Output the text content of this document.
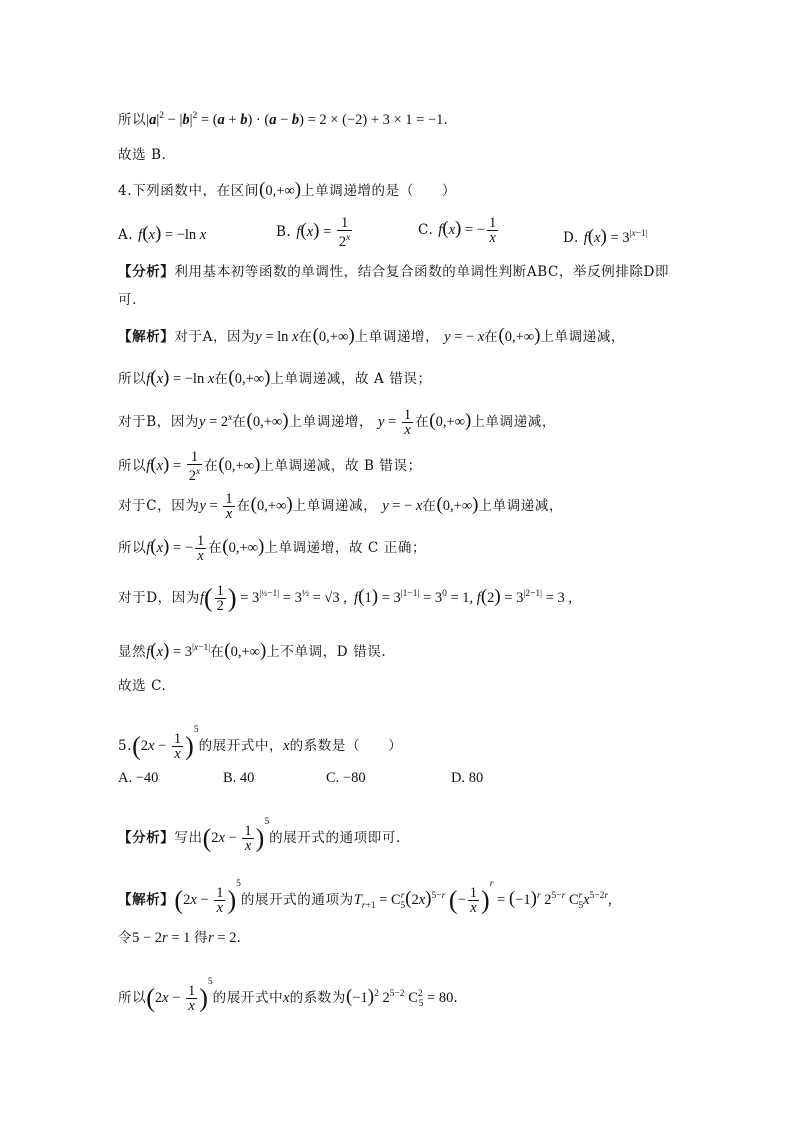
所以$|a|^2 - |b|^2 = (a + b) \cdot (a - b) = 2 \times (-2) + 3 \times 1 = -1$.
故选 B.
4.下列函数中，在区间(0,+∞)上单调递增的是（　　）
A. f(x) = −ln x	B. $f(x) = \frac{1}{2^x}$	C. f(x) = − $\frac{1}{x}$	D. $f(x) = 3^{|x-1|}$
【分析】利用基本初等函数的单调性，结合复合函数的单调性判断ABC，举反例排除D即
可.
【解析】对于A，因为y = ln x在(0,+∞)上单调递增， y = − x在(0,+∞)上单调递减，
所以f(x) = −ln x在(0,+∞)上单调递减，故 A 错误；
对于B，因为$y = 2^x$在(0,+∞)上单调递增， $y = \frac{1}{x}$ 在(0,+∞)上单调递减，
所以$f(x) = \frac{1}{2^x}$ 在(0,+∞)上单调递减，故 B 错误；
对于C，因为$y = \frac{1}{x}$ 在(0,+∞)上单调递减， y = − x在(0,+∞)上单调递减，
所以f(x) = − $\frac{1}{x}$ 在(0,+∞)上单调递增，故 C 正确；
对于D，因为$f( \frac{1}{2}$ ) = $3^{|\frac{1}{2}-1|} = 3^{\frac{1}{2}} = √3$ ,  $f(1) = 3^{|1-1|} = 3^0 = 1$, $f(2) = 3^{|2-1|} = 3$ ,
显然$f(x) = 3^{|x-1|}$在(0,+∞)上不单调，D 错误.
故选 C.
$5.(2x - \frac{1}{x} )^5$的展开式中，x的系数是（　　）
A. −40	B. 40	C. −80	D. 80
【分析】写出$(2x - \frac{1}{x} )^5$的展开式的通项即可.
【解析】$(2x - \frac{1}{x} )^5$的展开式的通项为$T_{r+1} = C^r_5(2x)^{5-r}$ (− $\frac{1}{x} )^r = (-1)^r$ $2^{5-r}$ $C^r_5x^{5-2r}$,
令5 − 2r = 1 得r = 2.
所以$(2x - \frac{1}{x} )^5$的展开式中x的系数为$(-1)^2$ $2^{5-2}$ $C^2_5 = 80$.
